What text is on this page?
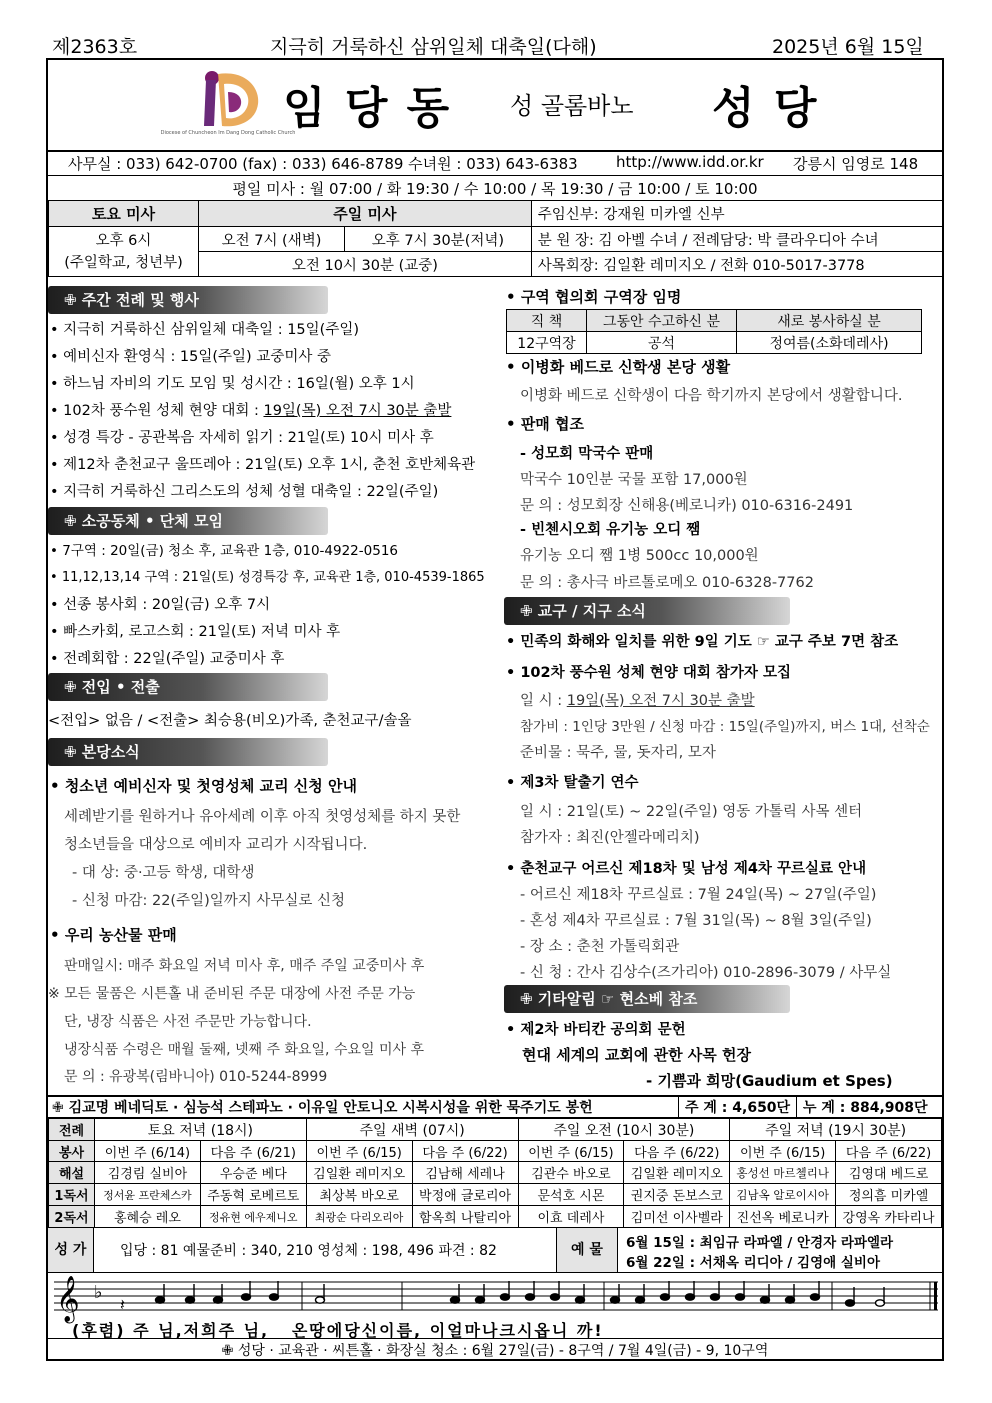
제2363호	지극히 거룩하신 삼위일체 대축일(다해)	2025년 6월 15일
Diocese of Chuncheon Im Dang Dong Catholic Church
임 당 동 성 골롬바노 성 당
사무실 : 033) 642-0700 (fax) : 033) 646-8789 수녀원 : 033) 643-6383	http://www.idd.or.kr 강릉시 임영로 148
평일 미사 : 월 07:00 / 화 19:30 / 수 10:00 / 목 19:30 / 금 10:00 / 토 10:00
토요 미사	주일 미사		주임신부: 강재원 미카엘 신부
오후 6시
(주일학교, 청년부)	오전 7시 (새벽)	오후 7시 30분(저녁)	분 원 장: 김 아벨 수녀 / 전례담당: 박 클라우디아 수녀
	오전 10시 30분 (교중)		사목회장: 김일환 레미지오 / 전화 010-5017-3778
✙ 주간 전례 및 행사
• 지극히 거룩하신 삼위일체 대축일 : 15일(주일)
• 예비신자 환영식 : 15일(주일) 교중미사 중
• 하느님 자비의 기도 모임 및 성시간 : 16일(월) 오후 1시
• 102차 풍수원 성체 현양 대회 : 19일(목) 오전 7시 30분 출발
• 성경 특강 - 공관복음 자세히 읽기 : 21일(토) 10시 미사 후
• 제12차 춘천교구 울뜨레아 : 21일(토) 오후 1시, 춘천 호반체육관
• 지극히 거룩하신 그리스도의 성체 성혈 대축일 : 22일(주일)
✙ 소공동체 • 단체 모임
• 7구역 : 20일(금) 청소 후, 교육관 1층, 010-4922-0516
• 11,12,13,14 구역 : 21일(토) 성경특강 후, 교육관 1층, 010-4539-1865
• 선종 봉사회 : 20일(금) 오후 7시
• 빠스카회, 로고스회 : 21일(토) 저녁 미사 후
• 전례회합 : 22일(주일) 교중미사 후
✙ 전입 • 전출
<전입> 없음 / <전출> 최승용(비오)가족, 춘천교구/솔올
✙ 본당소식
• 청소년 예비신자 및 첫영성체 교리 신청 안내
세례받기를 원하거나 유아세례 이후 아직 첫영성체를 하지 못한
청소년들을 대상으로 예비자 교리가 시작됩니다.
- 대 상: 중·고등 학생, 대학생
- 신청 마감: 22(주일)일까지 사무실로 신청
• 우리 농산물 판매
판매일시: 매주 화요일 저녁 미사 후, 매주 주일 교중미사 후
※ 모든 물품은 시튼홀 내 준비된 주문 대장에 사전 주문 가능
단, 냉장 식품은 사전 주문만 가능합니다.
냉장식품 수령은 매월 둘째, 넷째 주 화요일, 수요일 미사 후
문 의 : 유광복(림바니아) 010-5244-8999
• 구역 협의회 구역장 임명
직 책	그동안 수고하신 분	새로 봉사하실 분
12구역장	공석	정여름(소화데레사)
• 이병화 베드로 신학생 본당 생활
이병화 베드로 신학생이 다음 학기까지 본당에서 생활합니다.
• 판매 협조
- 성모회 막국수 판매
막국수 10인분 국물 포함 17,000원
문 의 : 성모회장 신해용(베로니카) 010-6316-2491
- 빈첸시오회 유기농 오디 쨈
유기농 오디 쨈 1병 500cc 10,000원
문 의 : 총사극 바르톨로메오 010-6328-7762
✙ 교구 / 지구 소식
• 민족의 화해와 일치를 위한 9일 기도 ☞ 교구 주보 7면 참조
• 102차 풍수원 성체 현양 대회 참가자 모집
일 시 : 19일(목) 오전 7시 30분 출발
참가비 : 1인당 3만원 / 신청 마감 : 15일(주일)까지, 버스 1대, 선착순
준비물 : 묵주, 물, 돗자리, 모자
• 제3차 탈출기 연수
일 시 : 21일(토) ~ 22일(주일) 영동 가톨릭 사목 센터
참가자 : 최진(안젤라메리치)
• 춘천교구 어르신 제18차 및 남성 제4차 꾸르실료 안내
- 어르신 제18차 꾸르실료 : 7월 24일(목) ~ 27일(주일)
- 혼성 제4차 꾸르실료 : 7월 31일(목) ~ 8월 3일(주일)
- 장 소 : 춘천 가톨릭회관
- 신 청 : 간사 김상수(즈가리아) 010-2896-3079 / 사무실
✙ 기타알림 ☞ 현소베 참조
• 제2차 바티칸 공의회 문헌
현대 세계의 교회에 관한 사목 헌장
- 기쁨과 희망(Gaudium et Spes)
✙ 김교명 베네딕토 · 심능석 스테파노 · 이유일 안토니오 시복시성을 위한 묵주기도 봉헌	주 계 : 4,650단 누 계 : 884,908단
전례	토요 저녁 (18시)		주일 새벽 (07시)		주일 오전 (10시 30분)		주일 저녁 (19시 30분)	
봉사	이번 주 (6/14)	다음 주 (6/21)	이번 주 (6/15)	다음 주 (6/22)	이번 주 (6/15)	다음 주 (6/22)	이번 주 (6/15)	다음 주 (6/22)
해설	김경림 실비아	우승준 베다	김일환 레미지오	김남해 세레나	김관수 바오로	김일환 레미지오	홍성선 마르첼리나	김영대 베드로
1독서	정서윤 프란체스카	주동혁 로베르토	최상복 바오로	박정애 글로리아	문석호 시몬	권지중 돈보스코	김남옥 알로이시아	정의흠 미카엘
2독서	홍혜승 레오	정유현 에우제니오	최광순 다리오리아	함옥희 나탈리아	이효 데레사	김미선 이사벨라	진선옥 베로니카	강영옥 카타리나
성 가	입당 : 81 예물준비 : 340, 210 영성체 : 198, 496 파견 : 82	예 물	6월 15일 : 최임규 라파엘 / 안경자 라파엘라
6월 22일 : 서채옥 리디아 / 김영애 실비아
𝄞 ♭
𝄽
(후렴) 주 님,저희주 님,   온땅에당신이름, 이얼마나크시옵니 까!
✙ 성당 · 교육관 · 씨튼홀 · 화장실 청소 : 6월 27일(금) - 8구역 / 7월 4일(금) - 9, 10구역
